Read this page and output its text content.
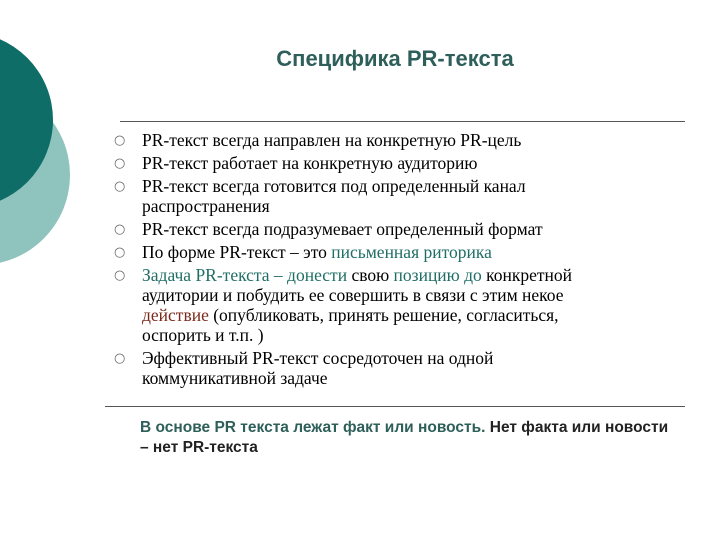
Специфика PR-текста
○ PR-текст всегда направлен на конкретную PR-цель
○ PR-текст работает на конкретную аудиторию
○ PR-текст всегда готовится под определенный канал распространения
○ PR-текст всегда подразумевает определенный формат
○ По форме PR-текст – это письменная риторика
○ Задача PR-текста – донести свою позицию до конкретной аудитории и побудить ее совершить в связи с этим некое действие (опубликовать, принять решение, согласиться, оспорить и т.п. )
○ Эффективный PR-текст сосредоточен на одной коммуникативной задаче
В основе PR текста лежат факт или новость. Нет факта или новости – нет PR-текста
